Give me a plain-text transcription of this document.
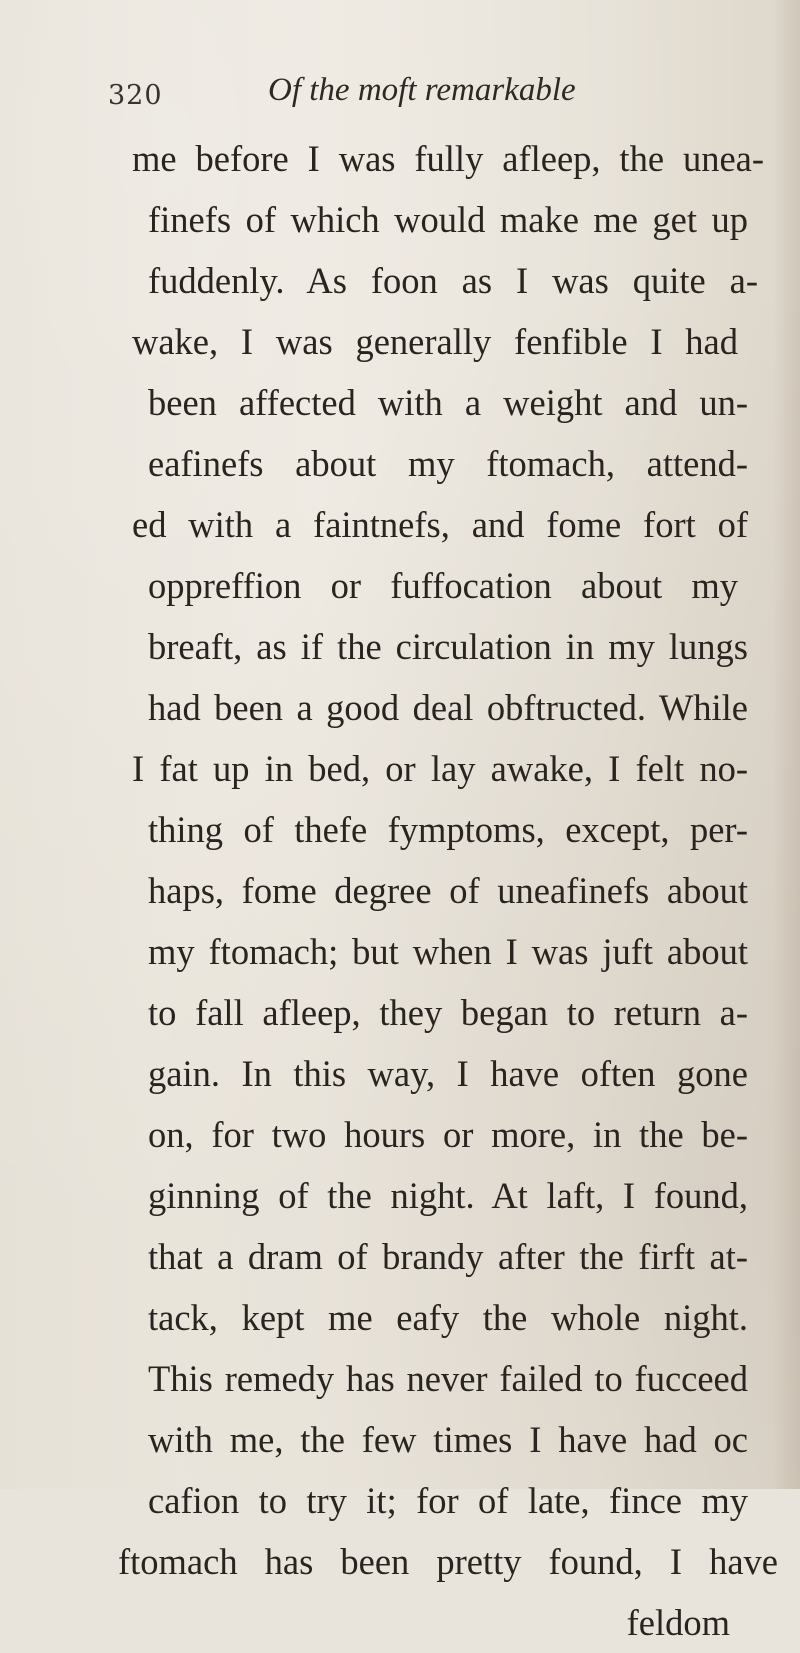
320	Of the moft remarkable
me before I was fully afleep, the unea-
finefs of which would make me get up
fuddenly. As foon as I was quite a-
wake, I was generally fenfible I had
been affected with a weight and un-
eafinefs about my ftomach, attend-
ed with a faintnefs, and fome fort of
oppreffion or fuffocation about my
breaft, as if the circulation in my lungs
had been a good deal obftructed. While
I fat up in bed, or lay awake, I felt no-
thing of thefe fymptoms, except, per-
haps, fome degree of uneafinefs about
my ftomach; but when I was juft about
to fall afleep, they began to return a-
gain. In this way, I have often gone
on, for two hours or more, in the be-
ginning of the night. At laft, I found,
that a dram of brandy after the firft at-
tack, kept me eafy the whole night.
This remedy has never failed to fucceed
with me, the few times I have had oc
cafion to try it; for of late, fince my
ftomach has been pretty found, I have
feldom
